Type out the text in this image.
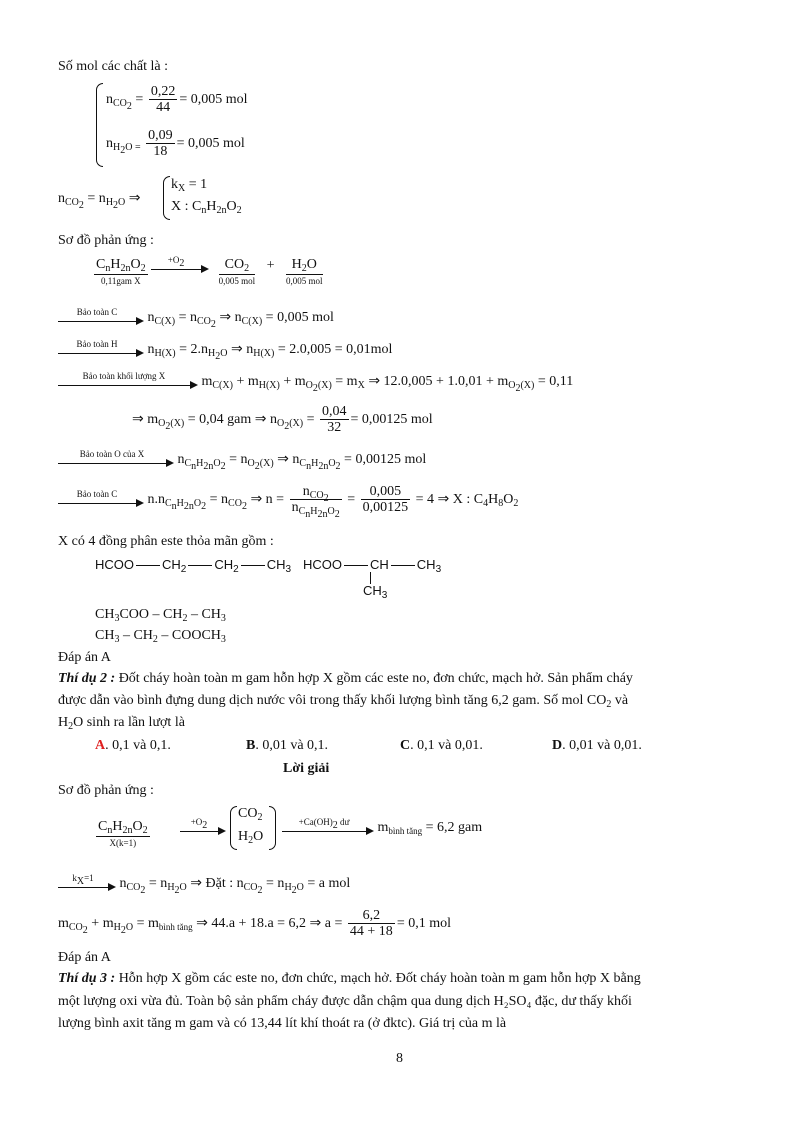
Số mol các chất là :
$n_{CO_2} = \frac{0,22}{44} = 0,005$ mol
$n_{H_2O =} \frac{0,09}{18} = 0,005$ mol
$n_{CO_2} = n_{H_2O}$ ⇒
$k_X = 1$
X : $C_nH_{2n}O_2$
Sơ đồ phản ứng :
$C_nH_{2n}O_2$
0,11gam X

$+O_2$
	$CO_2$
0,005 mol
+	$H_2O$
0,005 mol
Bảo toàn C	$n_{C(X)} = n_{CO_2}$ ⇒ $n_{C(X)} = 0,005$ mol
Bảo toàn H	$n_{H(X)} = 2.n_{H_2O}$ ⇒ $n_{H(X)} = 2.0,005 = 0,01mol$
Bảo toàn khối lượng X	$m_{C(X)} + m_{H(X)} + m_{O_2(X)} = m_X$ ⇒ $12.0,005 + 1.0,01 + m_{O_2(X)} = 0,11$
⇒ $m_{O_2(X)} = 0,04$ gam ⇒ $n_{O_2(X)} = \frac{0,04}{32} = 0,00125$ mol
Bảo toàn O của X	$n_{C_nH_{2n}O_2} = n_{O_2(X)}$ ⇒ $n_{C_nH_{2n}O_2} = 0,00125$ mol
Bảo toàn C	$n.n_{C_nH_{2n}O_2} = n_{CO_2}$ ⇒ $n = \frac{n_{CO_2}}{n_{C_nH_{2n}O_2}} = \frac{0,005}{0,00125} = 4$ ⇒ X : $C_4H_8O_2$
X có 4 đồng phân este thỏa mãn gồm :
HCOO $CH_2$ $CH_2$ $CH_3$ HCOO CH $CH_3$
$CH_3$
$CH_3COO - CH_2 - CH_3$
$CH_3 - CH_2$ – $COOCH_3$
Đáp án A
Thí dụ 2 : Đốt cháy hoàn toàn m gam hỗn hợp X gồm các este no, đơn chức, mạch hở. Sản phẩm cháy
được dẫn vào bình đựng dung dịch nước vôi trong thấy khối lượng bình tăng 6,2 gam. Số mol $CO_2$ và
$H_2O$ sinh ra lần lượt là
A. 0,1 và 0,1.	B. 0,01 và 0,1.	C. 0,1 và 0,01.	D. 0,01 và 0,01.
Lời giải
Sơ đồ phản ứng :
$C_nH_{2n}O_2$
X(k=1)
$+O_2$
$CO_2$
$H_2O$
$+Ca(OH)_2$ dư	$m_{bình tăng} = 6,2$ gam
$k_X=1$	$n_{CO_2} = n_{H_2O}$ ⇒ Đặt : $n_{CO_2} = n_{H_2O} = a$ mol
$m_{CO_2} + m_{H_2O} = m_{bình tăng}$ ⇒ 44.a + 18.a = 6,2 ⇒ $a = \frac{6,2}{44 + 18} = 0,1$ mol
Đáp án A
Thí dụ 3 : Hỗn hợp X gồm các este no, đơn chức, mạch hở. Đốt cháy hoàn toàn m gam hỗn hợp X bằng
một lượng oxi vừa đủ. Toàn bộ sản phẩm cháy được dẫn chậm qua dung dịch H₂SO₄ đặc, dư thấy khối
lượng bình axit tăng m gam và có 13,44 lít khí thoát ra (ở đktc). Giá trị của m là
8
